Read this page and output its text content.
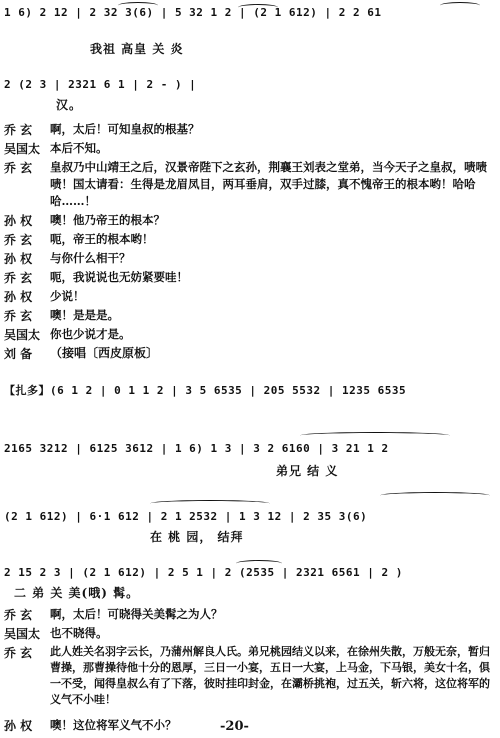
1 6) 2 12 | 2 32 3(6) | 5 32 1 2 | (2 1 612) | 2 2 61
我祖 高皇 关 炎
2 (2 3 | 2321 6 1 | 2 - ) |
汉。
乔 玄	啊，太后！可知皇叔的根基？
吴国太 本后不知。
乔 玄	皇叔乃中山靖王之后，汉景帝陛下之玄孙，荆襄王刘表之堂弟，当今天子之皇叔，啧啧啧！国太请看：生得是龙眉凤目，两耳垂肩，双手过膝，真不愧帝王的根本哟！哈哈哈……！
孙 权	噢！他乃帝王的根本？
乔 玄	呃，帝王的根本哟！
孙 权	与你什么相干？
乔 玄	呃，我说说也无妨紧要哇！
孙 权	少说！
乔 玄	噢！是是是。
吴国太 你也少说才是。
刘 备	（接唱〔西皮原板〕
【扎多】(6 1 2 | 0 1 1 2 | 3 5 6535 | 205 5532 | 1235 6535
2165 3212 | 6125 3612 | 1 6) 1 3 | 3 2 6160 | 3 21 1 2
弟兄 结 义
(2 1 612) | 6·1 612 | 2 1 2532 | 1 3 12 | 2 35 3(6)
在 桃 园， 结拜
2 15 2 3 | (2 1 612) | 2 5 1 | 2 (2535 | 2321 6561 | 2 )
二 弟 关 美(哦) 髯。
乔 玄	啊，太后！可晓得关美髯之为人？
吴国太 也不晓得。
乔 玄	此人姓关名羽字云长，乃蒲州解良人氏。弟兄桃园结义以来，在徐州失散，万般无奈，暂归曹操，那曹操待他十分的恩厚，三日一小宴，五日一大宴，上马金，下马银，美女十名，俱一不受，闻得皇叔么有了下落，彼时挂印封金，在灞桥挑袍，过五关，斩六将，这位将军的义气不小哇！
孙 权	噢！这位将军义气不小？	-20-
